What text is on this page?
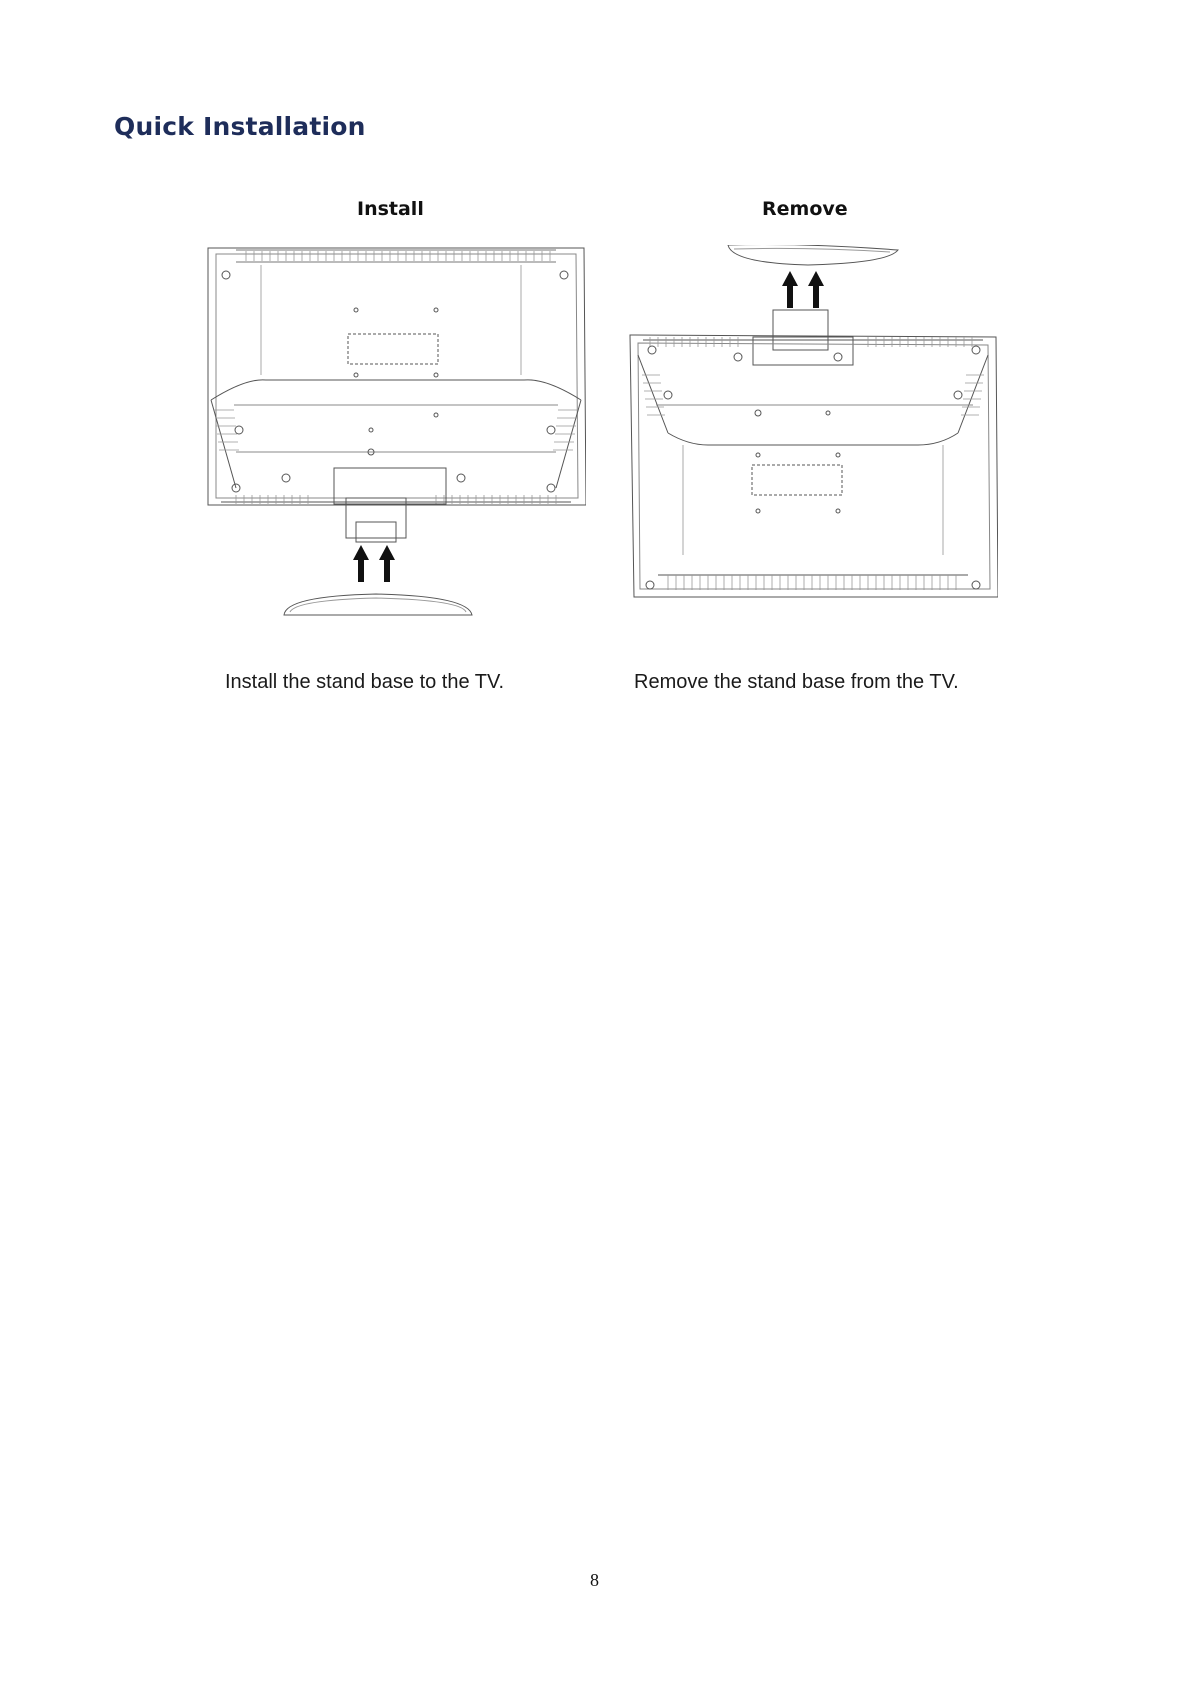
Quick Installation
Install	Remove
Install the stand base to the TV.	Remove the stand base from the TV.
8
